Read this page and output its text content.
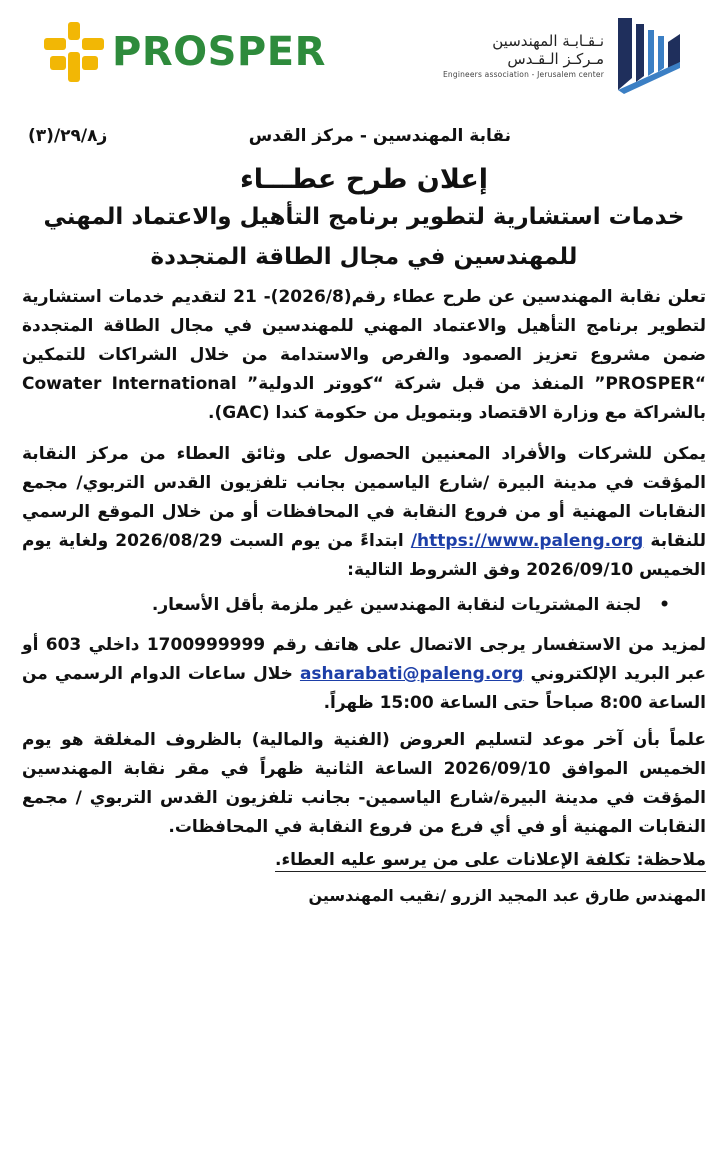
PROSPER	نـقـابـة المهندسين
مـركـز الـقـدس
Engineers association - Jerusalem center
نقابة المهندسين - مركز القدس
ز٢٩/٨/(٣)
إعلان طرح عطـــاء
خدمات استشارية لتطوير برنامج التأهيل والاعتماد المهني
للمهندسين في مجال الطاقة المتجددة
تعلن نقابة المهندسين عن طرح عطاء رقم(2026/8)- 21 لتقديم خدمات استشارية لتطوير برنامج التأهيل والاعتماد المهني للمهندسين في مجال الطاقة المتجددة ضمن مشروع تعزيز الصمود والفرص والاستدامة من خلال الشراكات للتمكين “PROSPER” المنفذ من قبل شركة “كووتر الدولية” Cowater International بالشراكة مع وزارة الاقتصاد وبتمويل من حكومة كندا (GAC).
يمكن للشركات والأفراد المعنيين الحصول على وثائق العطاء من مركز النقابة المؤقت في مدينة البيرة /شارع الياسمين بجانب تلفزيون القدس التربوي/ مجمع النقابات المهنية أو من فروع النقابة في المحافظات أو من خلال الموقع الرسمي للنقابة https://www.paleng.org/ ابتداءً من يوم السبت 2026/08/29 ولغاية يوم الخميس 2026/09/10 وفق الشروط التالية:
• لجنة المشتريات لنقابة المهندسين غير ملزمة بأقل الأسعار.
لمزيد من الاستفسار يرجى الاتصال على هاتف رقم 1700999999 داخلي 603 أو عبر البريد الإلكتروني asharabati@paleng.org خلال ساعات الدوام الرسمي من الساعة 8:00 صباحاً حتى الساعة 15:00 ظهراً.
علماً بأن آخر موعد لتسليم العروض (الفنية والمالية) بالظروف المغلقة هو يوم الخميس الموافق 2026/09/10 الساعة الثانية ظهراً في مقر نقابة المهندسين المؤقت في مدينة البيرة/شارع الياسمين- بجانب تلفزيون القدس التربوي / مجمع النقابات المهنية أو في أي فرع من فروع النقابة في المحافظات.
ملاحظة: تكلفة الإعلانات على من يرسو عليه العطاء.
المهندس طارق عبد المجيد الزرو /نقيب المهندسين
